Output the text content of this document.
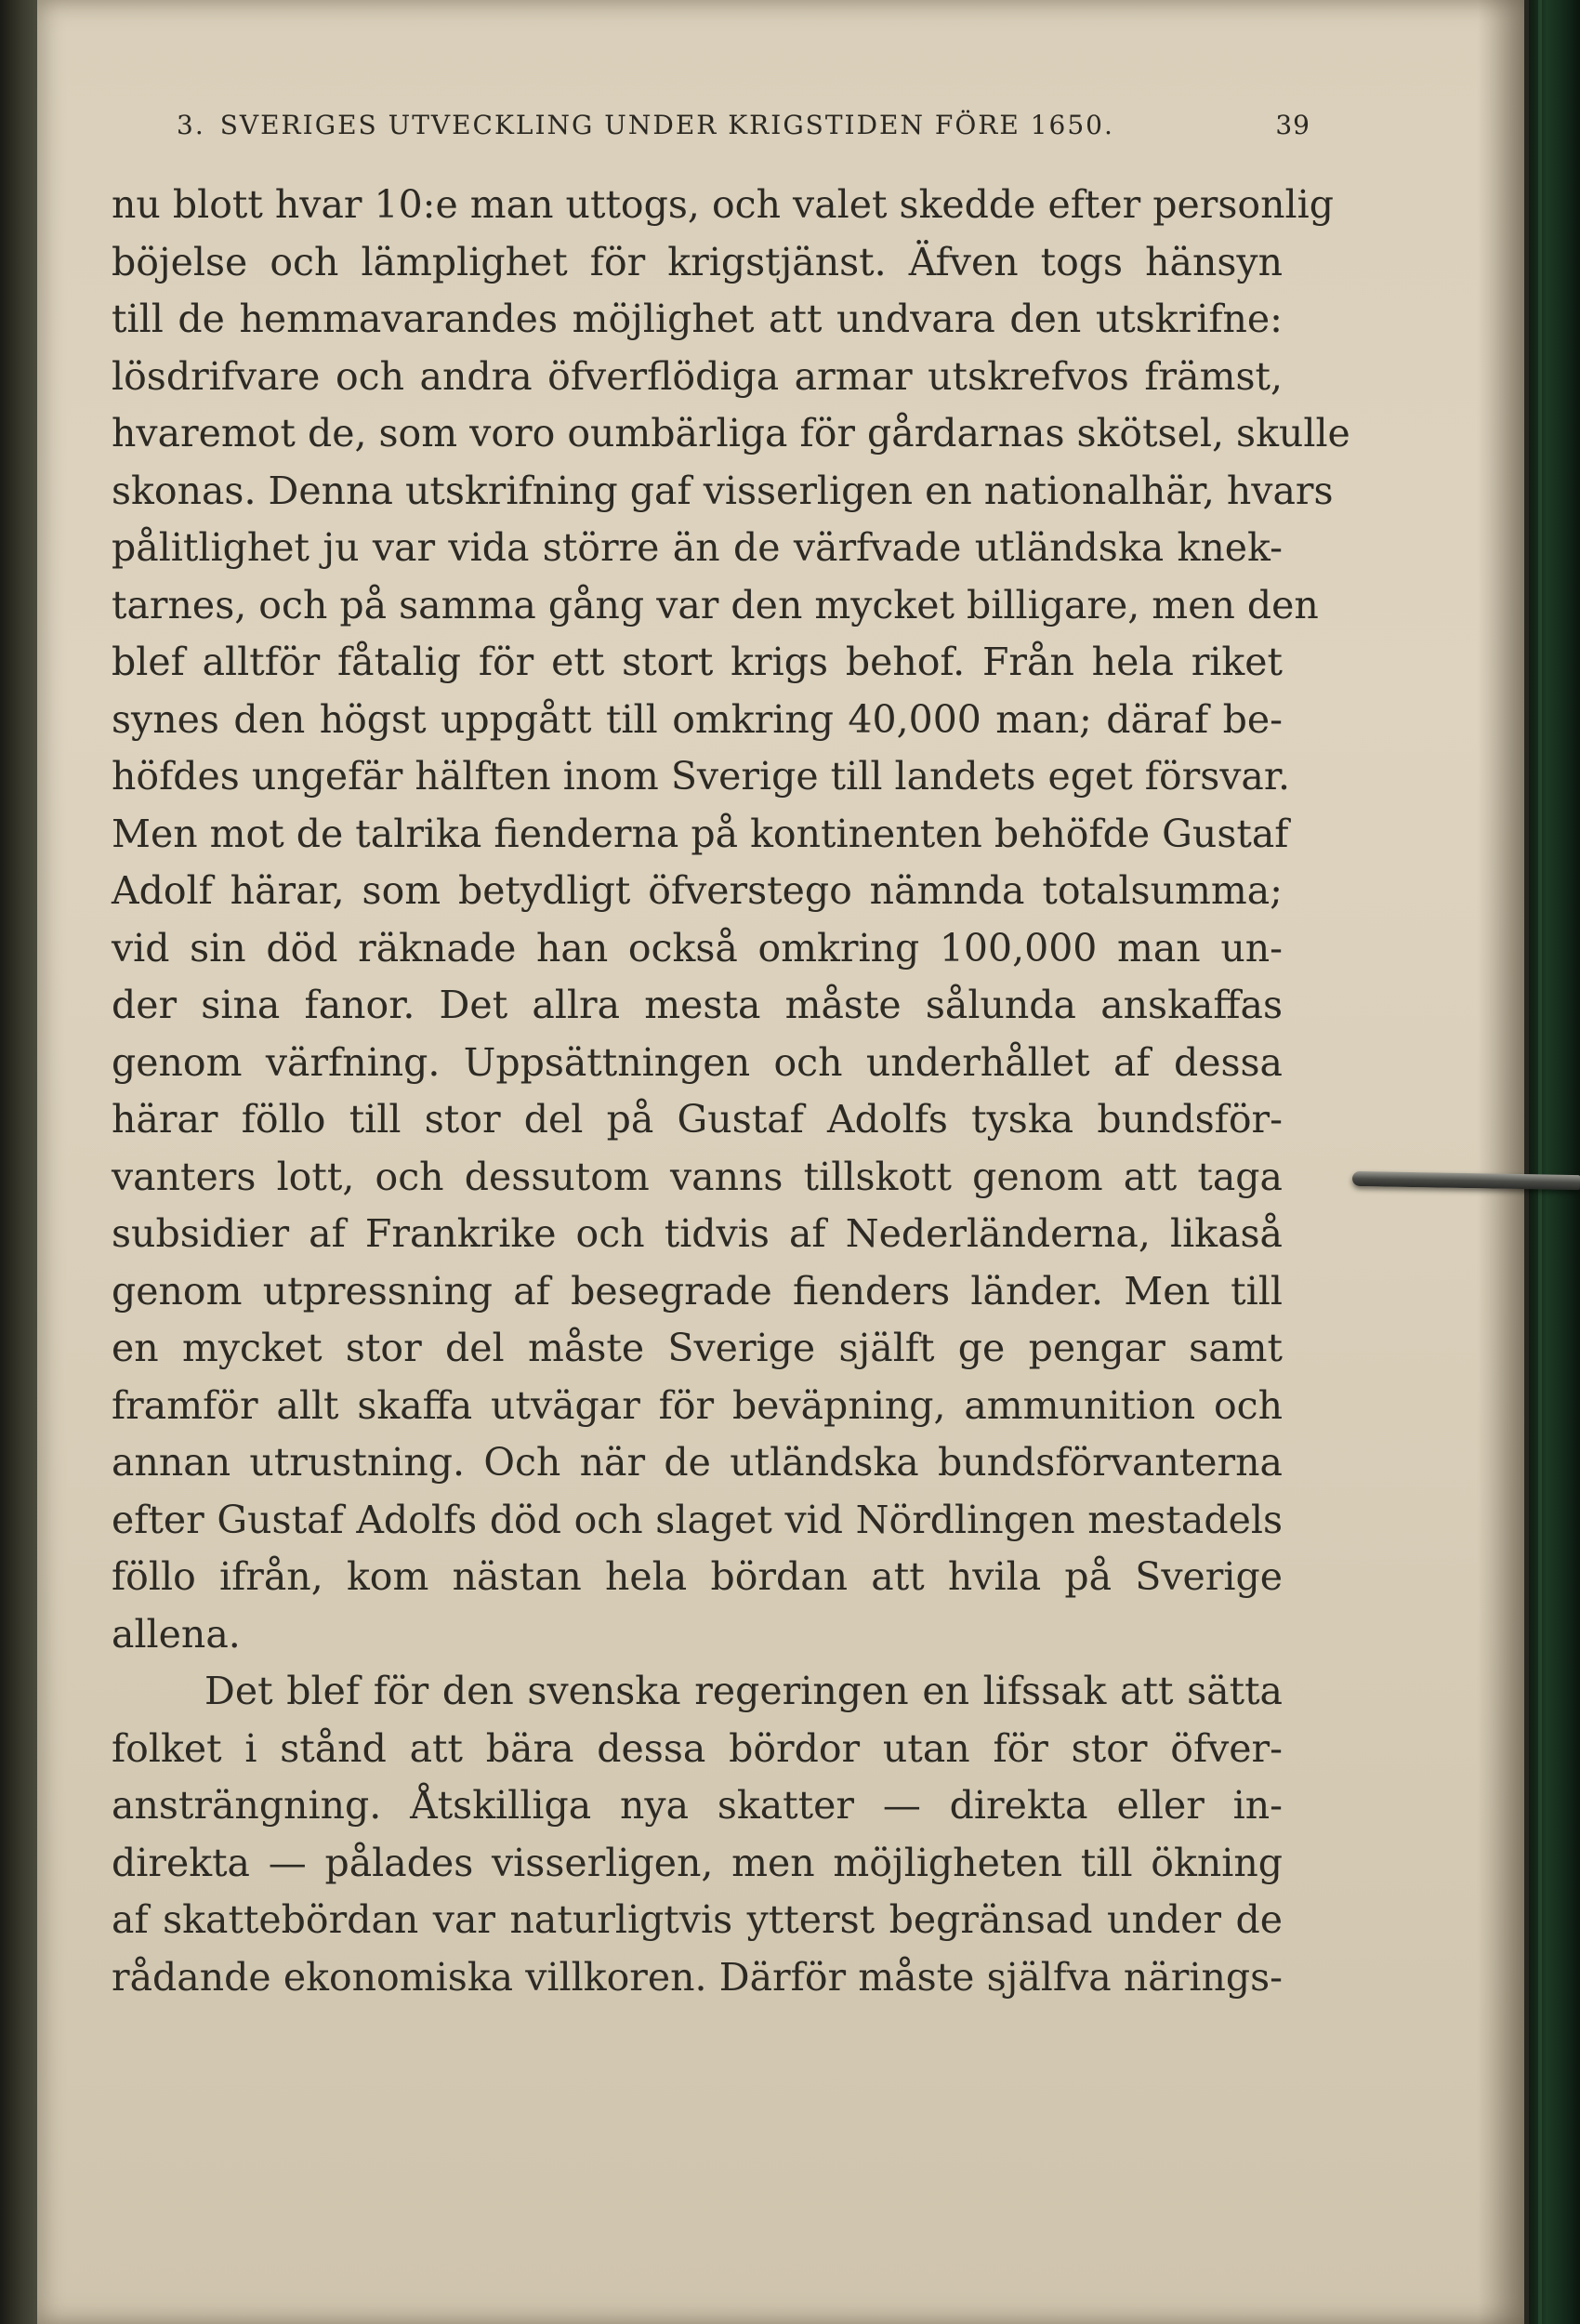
3. SVERIGES UTVECKLING UNDER KRIGSTIDEN FÖRE 1650.	39
nu blott hvar 10:e man uttogs, och valet skedde efter personlig
böjelse och lämplighet för krigstjänst. Äfven togs hänsyn
till de hemmavarandes möjlighet att undvara den utskrifne:
lösdrifvare och andra öfverflödiga armar utskrefvos främst,
hvaremot de, som voro oumbärliga för gårdarnas skötsel, skulle
skonas. Denna utskrifning gaf visserligen en nationalhär, hvars
pålitlighet ju var vida större än de värfvade utländska knek-
tarnes, och på samma gång var den mycket billigare, men den
blef alltför fåtalig för ett stort krigs behof. Från hela riket
synes den högst uppgått till omkring 40,000 man; däraf be-
höfdes ungefär hälften inom Sverige till landets eget försvar.
Men mot de talrika fienderna på kontinenten behöfde Gustaf
Adolf härar, som betydligt öfverstego nämnda totalsumma;
vid sin död räknade han också omkring 100,000 man un-
der sina fanor. Det allra mesta måste sålunda anskaffas
genom värfning. Uppsättningen och underhållet af dessa
härar föllo till stor del på Gustaf Adolfs tyska bundsför-
vanters lott, och dessutom vanns tillskott genom att taga
subsidier af Frankrike och tidvis af Nederländerna, likaså
genom utpressning af besegrade fienders länder. Men till
en mycket stor del måste Sverige själft ge pengar samt
framför allt skaffa utvägar för beväpning, ammunition och
annan utrustning. Och när de utländska bundsförvanterna
efter Gustaf Adolfs död och slaget vid Nördlingen mestadels
föllo ifrån, kom nästan hela bördan att hvila på Sverige
allena.
Det blef för den svenska regeringen en lifssak att sätta
folket i stånd att bära dessa bördor utan för stor öfver-
ansträngning. Åtskilliga nya skatter — direkta eller in-
direkta — pålades visserligen, men möjligheten till ökning
af skattebördan var naturligtvis ytterst begränsad under de
rådande ekonomiska villkoren. Därför måste själfva närings-
